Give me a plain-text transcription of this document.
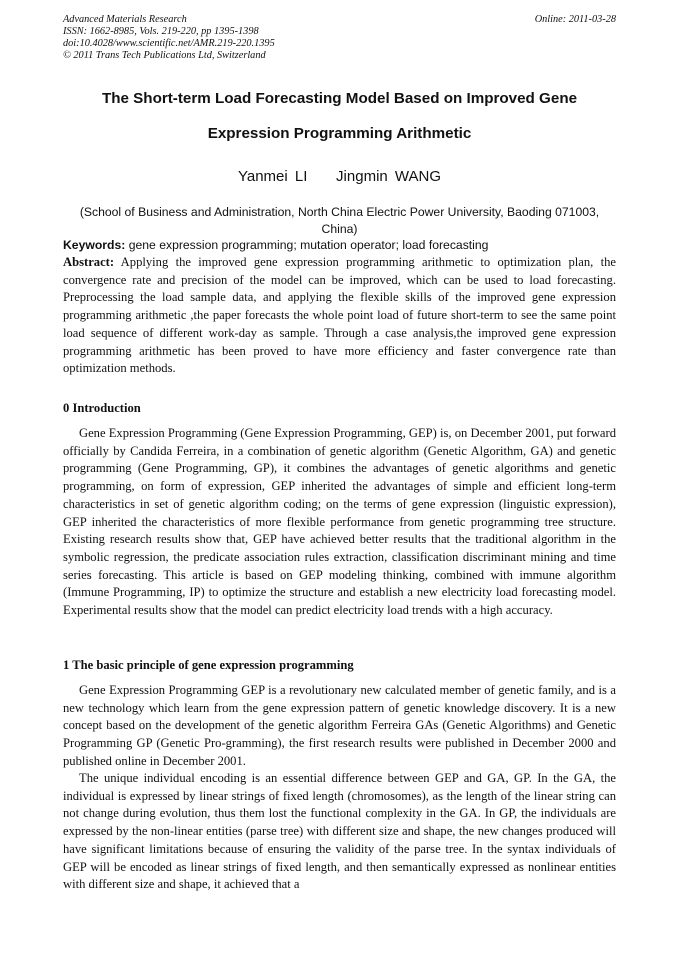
Advanced Materials Research
ISSN: 1662-8985, Vols. 219-220, pp 1395-1398
doi:10.4028/www.scientific.net/AMR.219-220.1395
© 2011 Trans Tech Publications Ltd, Switzerland
Online: 2011-03-28
The Short-term Load Forecasting Model Based on Improved Gene
Expression Programming Arithmetic
Yanmei LI    Jingmin WANG
(School of Business and Administration, North China Electric Power University, Baoding 071003, China)
Keywords: gene expression programming; mutation operator; load forecasting
Abstract: Applying the improved gene expression programming arithmetic to optimization plan, the convergence rate and precision of the model can be improved, which can be used to load forecasting. Preprocessing the load sample data, and applying the flexible skills of the improved gene expression programming arithmetic ,the paper forecasts the whole point load of future short-term to see the same point load sequence of different work-day as sample. Through a case analysis,the improved gene expression programming arithmetic has been proved to have more efficiency and faster convergence rate than optimization methods.
0 Introduction

Gene Expression Programming (Gene Expression Programming, GEP) is, on December 2001, put forward officially by Candida Ferreira, in a combination of genetic algorithm (Genetic Algorithm, GA) and genetic programming (Gene Programming, GP), it combines the advantages of genetic algorithms and genetic programming, on form of expression, GEP inherited the advantages of simple and efficient long-term characteristics in set of genetic algorithm coding; on the terms of gene expression (linguistic expression), GEP inherited the characteristics of more flexible performance from genetic programming tree structure. Existing research results show that, GEP have achieved better results that the traditional algorithm in the symbolic regression, the predicate association rules extraction, classification discriminant mining and time series forecasting. This article is based on GEP modeling thinking, combined with immune algorithm (Immune Programming, IP) to optimize the structure and establish a new electricity load forecasting model. Experimental results show that the model can predict electricity load trends with a high accuracy.

1 The basic principle of gene expression programming

Gene Expression Programming GEP is a revolutionary new calculated member of genetic family, and is a new technology which learn from the gene expression pattern of genetic knowledge discovery. It is a new concept based on the development of the genetic algorithm Ferreira GAs (Genetic Algorithms) and Genetic Programming GP (Genetic Pro-gramming), the first research results were published in December 2000 and published online in December 2001.

The unique individual encoding is an essential difference between GEP and GA, GP. In the GA, the individual is expressed by linear strings of fixed length (chromosomes), as the length of the linear string can not change during evolution, thus them lost the functional complexity in the GA. In GP, the individuals are expressed by the non-linear entities (parse tree) with different size and shape, the new changes produced will have significant limitations because of ensuring the validity of the parse tree. In the syntax individuals of GEP will be encoded as linear strings of fixed length, and then semantically expressed as nonlinear entities with different size and shape, it achieved that a
